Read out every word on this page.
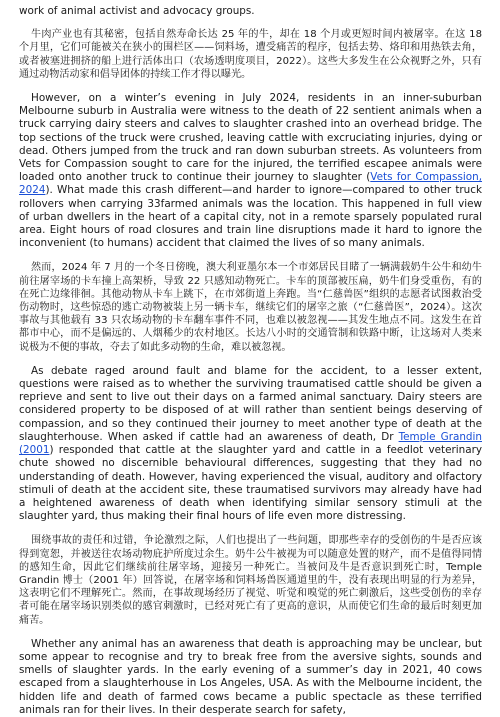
work of animal activist and advocacy groups.

牛肉产业也有其秘密，包括自然寿命长达 25 年的牛，却在 18 个月或更短时间内被屠宰。在这 18 个月里，它们可能被关在狭小的围栏区——饲料场，遭受痛苦的程序，包括去势、烙印和用热铁去角，或者被塞进拥挤的船上进行活体出口（农场透明度项目，2022）。这些大多发生在公众视野之外，只有通过动物活动家和倡导团体的持续工作才得以曝光。

However, on a winter’s evening in July 2024, residents in an inner-suburban Melbourne suburb in Australia were witness to the death of 22 sentient animals when a truck carrying dairy steers and calves to slaughter crashed into an overhead bridge. The top sections of the truck were crushed, leaving cattle with excruciating injuries, dying or dead. Others jumped from the truck and ran down suburban streets. As volunteers from Vets for Compassion sought to care for the injured, the terrified escapee animals were loaded onto another truck to continue their journey to slaughter (Vets for Compassion, 2024). What made this crash different—and harder to ignore—compared to other truck rollovers when carrying 33farmed animals was the location. This happened in full view of urban dwellers in the heart of a capital city, not in a remote sparsely populated rural area. Eight hours of road closures and train line disruptions made it hard to ignore the inconvenient (to humans) accident that claimed the lives of so many animals.

然而，2024 年 7 月的一个冬日傍晚，澳大利亚墨尔本一个市郊居民目睹了一辆满载奶牛公牛和幼牛前往屠宰场的卡车撞上高架桥，导致 22 只感知动物死亡。卡车的顶部被压扁，奶牛们身受重伤，有的在死亡边缘徘徊。其他动物从卡车上跳下，在市郊街道上奔跑。当“仁慈兽医”组织的志愿者试图救治受伤动物时，这些惊恐的逃亡动物被装上另一辆卡车，继续它们的屠宰之旅（“仁慈兽医”，2024）。这次事故与其他载有 33 只农场动物的卡车翻车事件不同，也难以被忽视——其发生地点不同。这发生在首都市中心，而不是偏远的、人烟稀少的农村地区。长达八小时的交通管制和铁路中断，让这场对人类来说极为不便的事故，夺去了如此多动物的生命，难以被忽视。

As debate raged around fault and blame for the accident, to a lesser extent, questions were raised as to whether the surviving traumatised cattle should be given a reprieve and sent to live out their days on a farmed animal sanctuary. Dairy steers are considered property to be disposed of at will rather than sentient beings deserving of compassion, and so they continued their journey to meet another type of death at the slaughterhouse. When asked if cattle had an awareness of death, Dr Temple Grandin (2001) responded that cattle at the slaughter yard and cattle in a feedlot veterinary chute showed no discernible behavioural differences, suggesting that they had no understanding of death. However, having experienced the visual, auditory and olfactory stimuli of death at the accident site, these traumatised survivors may already have had a heightened awareness of death when identifying similar sensory stimuli at the slaughter yard, thus making their final hours of life even more distressing.

围绕事故的责任和过错，争论激烈之际，人们也提出了一些问题，即那些幸存的受创伤的牛是否应该得到宽恕，并被送往农场动物庇护所度过余生。奶牛公牛被视为可以随意处置的财产，而不是值得同情的感知生命，因此它们继续前往屠宰场，迎接另一种死亡。当被问及牛是否意识到死亡时，Temple Grandin 博士（2001 年）回答说，在屠宰场和饲料场兽医通道里的牛，没有表现出明显的行为差异，这表明它们不理解死亡。然而，在事故现场经历了视觉、听觉和嗅觉的死亡刺激后，这些受创伤的幸存者可能在屠宰场识别类似的感官刺激时，已经对死亡有了更高的意识，从而使它们生命的最后时刻更加痛苦。

Whether any animal has an awareness that death is approaching may be unclear, but some appear to recognise and try to break free from the aversive sights, sounds and smells of slaughter yards. In the early evening of a summer’s day in 2021, 40 cows escaped from a slaughterhouse in Los Angeles, USA. As with the Melbourne incident, the hidden life and death of farmed cows became a public spectacle as these terrified animals ran for their lives. In their desperate search for safety,
